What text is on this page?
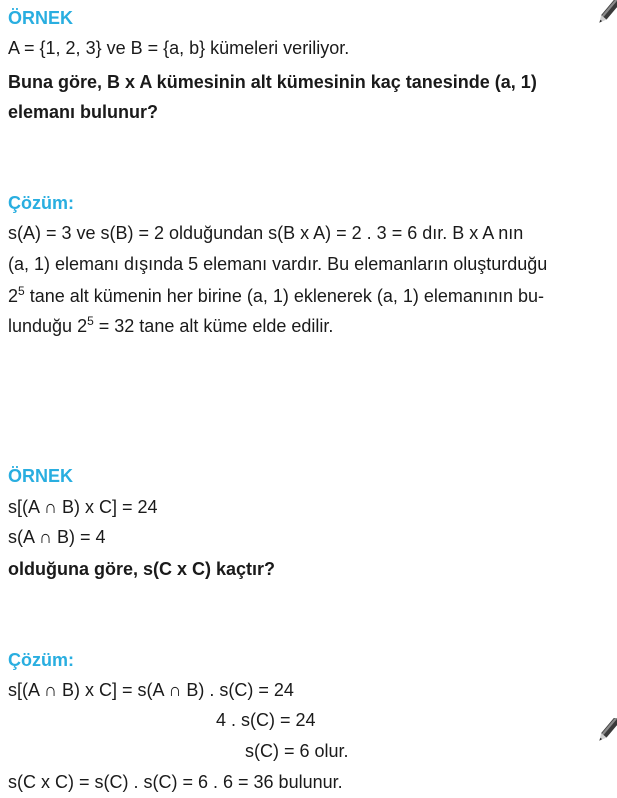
ÖRNEK
A = {1, 2, 3} ve B = {a, b} kümeleri veriliyor.
Buna göre, B x A kümesinin alt kümesinin kaç tanesinde (a, 1)
elemanı bulunur?
Çözüm:
s(A) = 3 ve s(B) = 2 olduğundan s(B x A) = 2 . 3 = 6 dır. B x A nın
(a, 1) elemanı dışında 5 elemanı vardır. Bu elemanların oluşturduğu
$2^5$ tane alt kümenin her birine (a, 1) eklenerek (a, 1) elemanının bu-
lunduğu $2^5 = 32$ tane alt küme elde edilir.
ÖRNEK
s[(A ∩ B) x C] = 24
s(A ∩ B) = 4
olduğuna göre, s(C x C) kaçtır?
Çözüm:
s[(A ∩ B) x C] = s(A ∩ B) . s(C) = 24
4 . s(C) = 24
s(C) = 6 olur.
s(C x C) = s(C) . s(C) = 6 . 6 = 36 bulunur.
